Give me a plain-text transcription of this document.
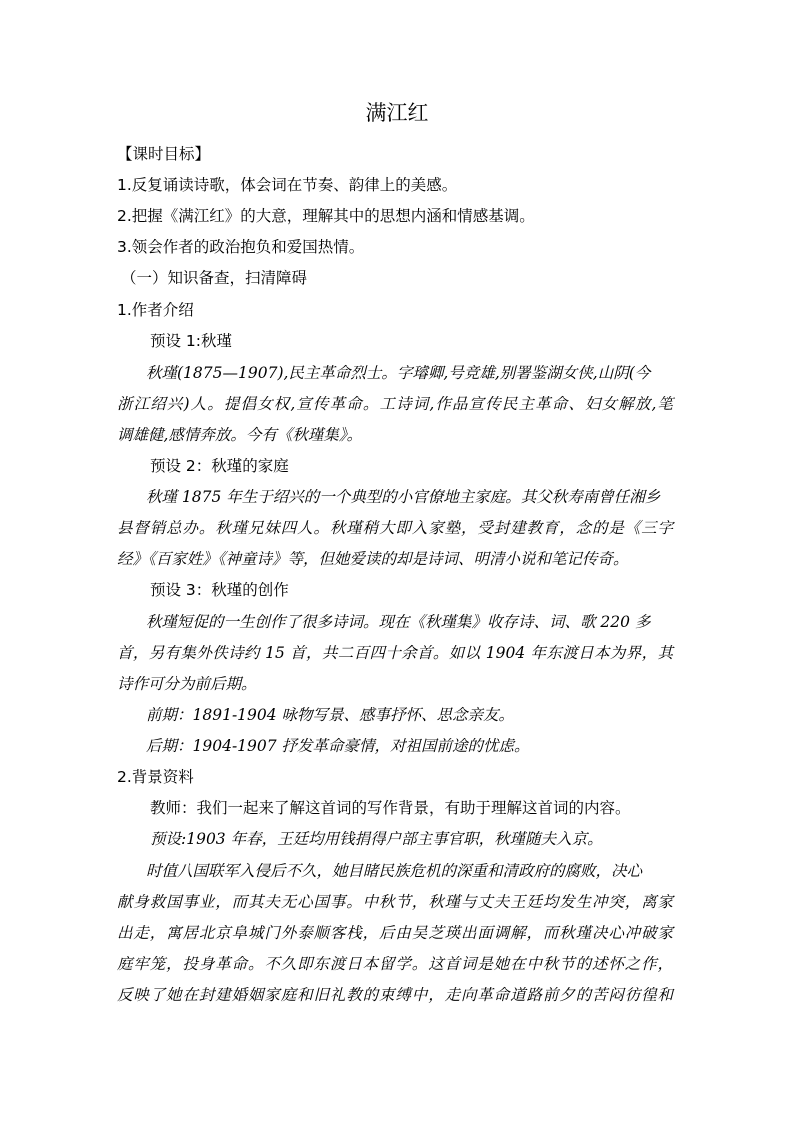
满江红
【课时目标】
1.反复诵读诗歌，体会词在节奏、韵律上的美感。
2.把握《满江红》的大意，理解其中的思想内涵和情感基调。
3.领会作者的政治抱负和爱国热情。
（一）知识备查，扫清障碍
1.作者介绍
预设 1:秋瑾
秋瑾(1875—1907),民主革命烈士。字璿卿,号竞雄,别署鉴湖女侠,山阴(今
浙江绍兴)人。提倡女权,宣传革命。工诗词,作品宣传民主革命、妇女解放,笔
调雄健,感情奔放。今有《秋瑾集》。
预设 2：秋瑾的家庭
秋瑾 1875 年生于绍兴的一个典型的小官僚地主家庭。其父秋寿南曾任湘乡
县督销总办。秋瑾兄妹四人。秋瑾稍大即入家塾，受封建教育，念的是《三字
经》《百家姓》《神童诗》等，但她爱读的却是诗词、明清小说和笔记传奇。
预设 3：秋瑾的创作
秋瑾短促的一生创作了很多诗词。现在《秋瑾集》收存诗、词、歌 220 多
首，另有集外佚诗约 15 首，共二百四十余首。如以 1904 年东渡日本为界，其
诗作可分为前后期。
前期：1891-1904 咏物写景、感事抒怀、思念亲友。
后期：1904-1907 抒发革命豪情，对祖国前途的忧虑。
2.背景资料
教师：我们一起来了解这首词的写作背景，有助于理解这首词的内容。
预设:1903 年春，王廷均用钱捐得户部主事官职，秋瑾随夫入京。
时值八国联军入侵后不久，她目睹民族危机的深重和清政府的腐败，决心
献身救国事业，而其夫无心国事。中秋节，秋瑾与丈夫王廷均发生冲突，离家
出走，寓居北京阜城门外泰顺客栈，后由吴芝瑛出面调解，而秋瑾决心冲破家
庭牢笼，投身革命。不久即东渡日本留学。这首词是她在中秋节的述怀之作，
反映了她在封建婚姻家庭和旧礼教的束缚中，走向革命道路前夕的苦闷彷徨和
